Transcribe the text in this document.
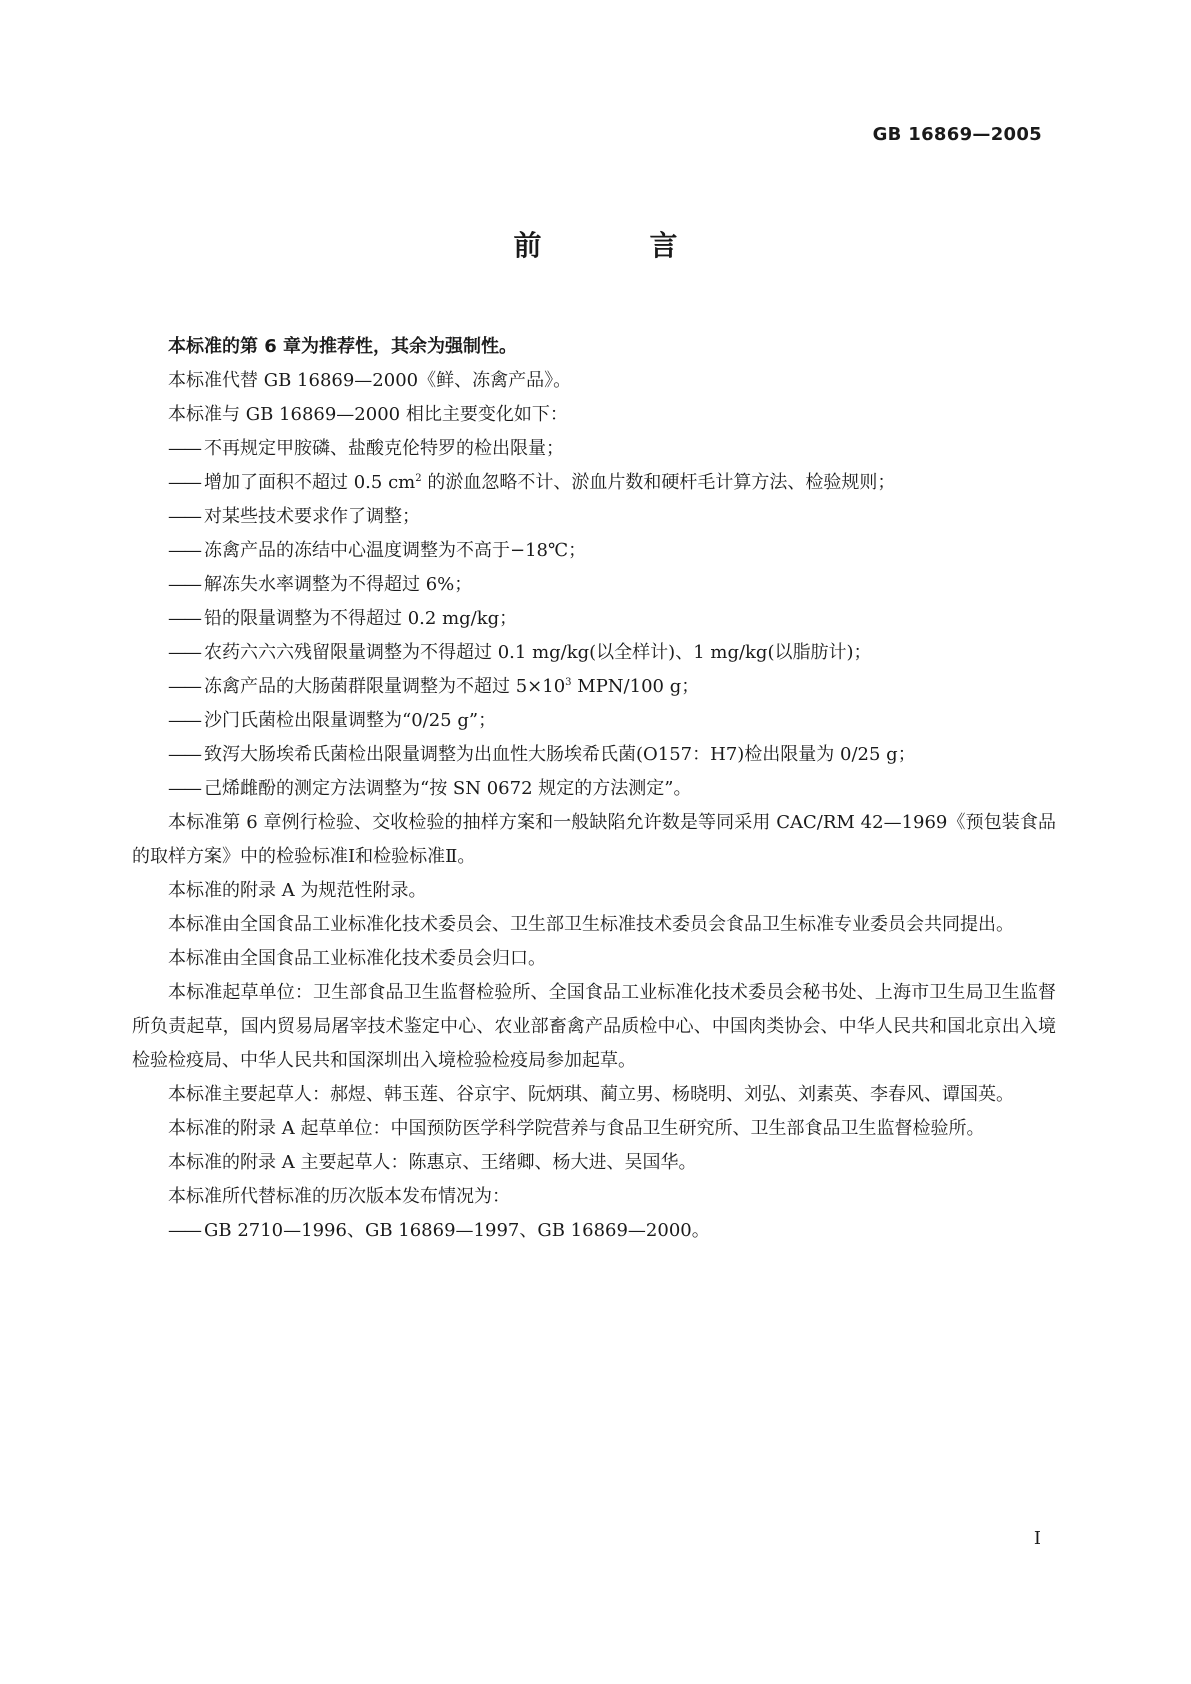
GB 16869—2005
前　言

本标准的第 6 章为推荐性，其余为强制性。

本标准代替 GB 16869—2000《鲜、冻禽产品》。

本标准与 GB 16869—2000 相比主要变化如下：

—— 不再规定甲胺磷、盐酸克伦特罗的检出限量；

—— 增加了面积不超过 0.5 $cm^2$ 的淤血忽略不计、淤血片数和硬杆毛计算方法、检验规则；

—— 对某些技术要求作了调整；

—— 冻禽产品的冻结中心温度调整为不高于−18℃；

—— 解冻失水率调整为不得超过 6%；

—— 铅的限量调整为不得超过 0.2 mg/kg；

—— 农药六六六残留限量调整为不得超过 0.1 mg/kg(以全样计)、1 mg/kg(以脂肪计)；

—— 冻禽产品的大肠菌群限量调整为不超过 $5\times 10^3$ MPN/100 g；

—— 沙门氏菌检出限量调整为“0/25 g”；

—— 致泻大肠埃希氏菌检出限量调整为出血性大肠埃希氏菌(O157：H7)检出限量为 0/25 g；

—— 己烯雌酚的测定方法调整为“按 SN 0672 规定的方法测定”。

本标准第 6 章例行检验、交收检验的抽样方案和一般缺陷允许数是等同采用 CAC/RM 42—1969《预包装食品的取样方案》中的检验标准Ⅰ和检验标准Ⅱ。

本标准的附录 A 为规范性附录。

本标准由全国食品工业标准化技术委员会、卫生部卫生标准技术委员会食品卫生标准专业委员会共同提出。

本标准由全国食品工业标准化技术委员会归口。

本标准起草单位：卫生部食品卫生监督检验所、全国食品工业标准化技术委员会秘书处、上海市卫生局卫生监督所负责起草，国内贸易局屠宰技术鉴定中心、农业部畜禽产品质检中心、中国肉类协会、中华人民共和国北京出入境检验检疫局、中华人民共和国深圳出入境检验检疫局参加起草。

本标准主要起草人：郝煜、韩玉莲、谷京宇、阮炳琪、蔺立男、杨晓明、刘弘、刘素英、李春风、谭国英。

本标准的附录 A 起草单位：中国预防医学科学院营养与食品卫生研究所、卫生部食品卫生监督检验所。

本标准的附录 A 主要起草人：陈惠京、王绪卿、杨大进、吴国华。

本标准所代替标准的历次版本发布情况为：

—— GB 2710—1996、GB 16869—1997、GB 16869—2000。

Ⅰ
